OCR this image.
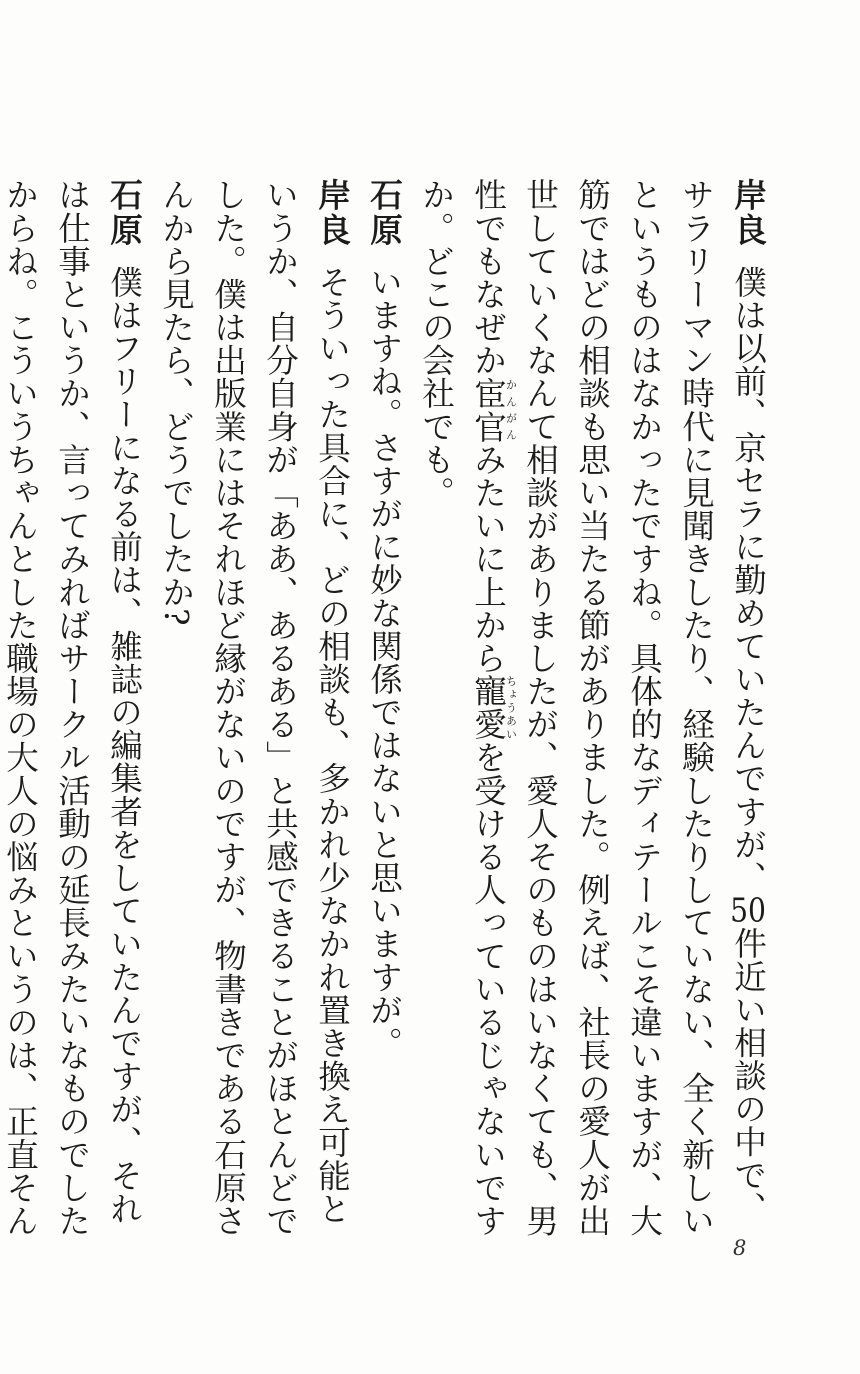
岸良僕は以前、京セラに勤めていたんですが、50件近い相談の中で、サラリーマン時代に見聞きしたり、経験したりしていない、全く新しいというものはなかったですね。具体的なディテールこそ違いますが、大筋ではどの相談も思い当たる節がありました。例えば、社長の愛人が出世していくなんて相談がありましたが、愛人そのものはいなくても、男性でもなぜか宦官かんがんみたいに上から寵愛ちょうあいを受ける人っているじゃないですか。どこの会社でも。

石原いますね。さすがに妙な関係ではないと思いますが。

岸良そういった具合に、どの相談も、多かれ少なかれ置き換え可能というか、自分自身が「ああ、あるある」と共感できることがほとんどでした。僕は出版業にはそれほど縁がないのですが、物書きである石原さんから見たら、どうでしたか?

石原僕はフリーになる前は、雑誌の編集者をしていたんですが、それは仕事というか、言ってみればサークル活動の延長みたいなものでしたからね。こういうちゃんとした職場の大人の悩みというのは、正直そん

8
